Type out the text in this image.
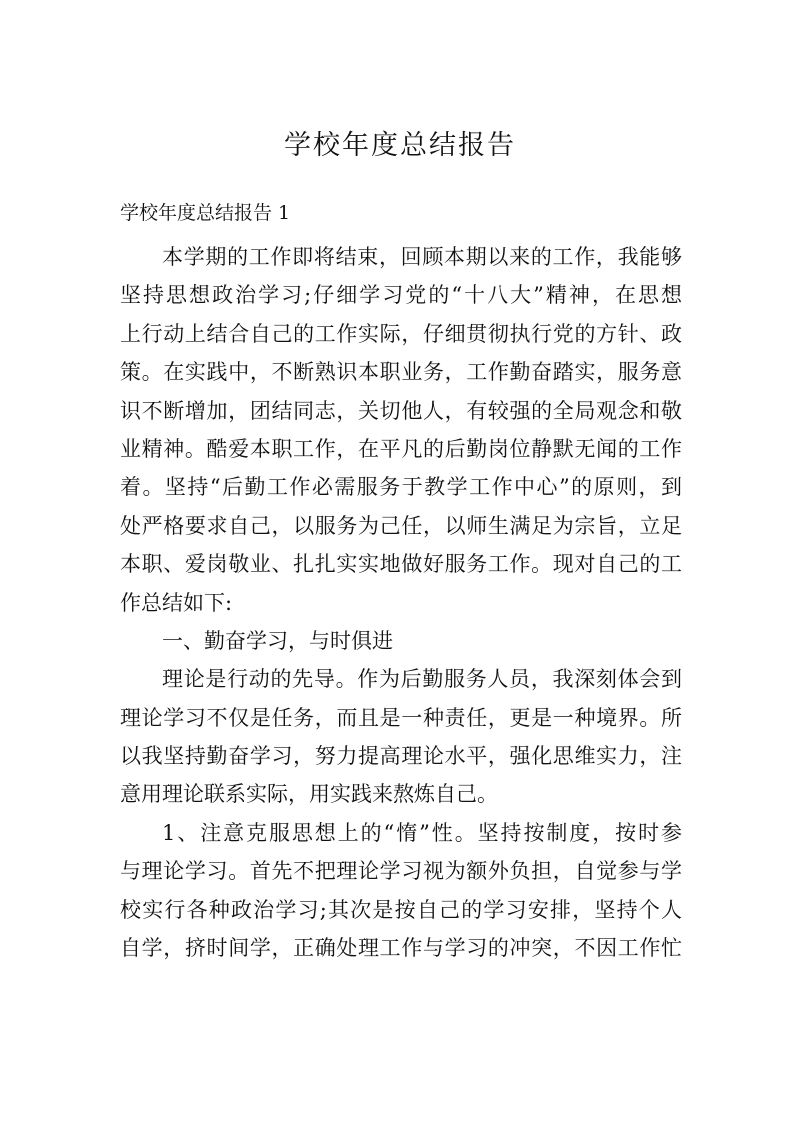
学校年度总结报告
学校年度总结报告 1
本学期的工作即将结束，回顾本期以来的工作，我能够
坚持思想政治学习;仔细学习党的“十八大”精神，在思想
上行动上结合自己的工作实际，仔细贯彻执行党的方针、政
策。在实践中，不断熟识本职业务，工作勤奋踏实，服务意
识不断增加，团结同志，关切他人，有较强的全局观念和敬
业精神。酷爱本职工作，在平凡的后勤岗位静默无闻的工作
着。坚持“后勤工作必需服务于教学工作中心”的原则，到
处严格要求自己，以服务为己任，以师生满足为宗旨，立足
本职、爱岗敬业、扎扎实实地做好服务工作。现对自己的工
作总结如下:
一、勤奋学习，与时俱进
理论是行动的先导。作为后勤服务人员，我深刻体会到
理论学习不仅是任务，而且是一种责任，更是一种境界。所
以我坚持勤奋学习，努力提高理论水平，强化思维实力，注
意用理论联系实际，用实践来熬炼自己。
1、注意克服思想上的“惰”性。坚持按制度，按时参
与理论学习。首先不把理论学习视为额外负担，自觉参与学
校实行各种政治学习;其次是按自己的学习安排，坚持个人
自学，挤时间学，正确处理工作与学习的冲突，不因工作忙
